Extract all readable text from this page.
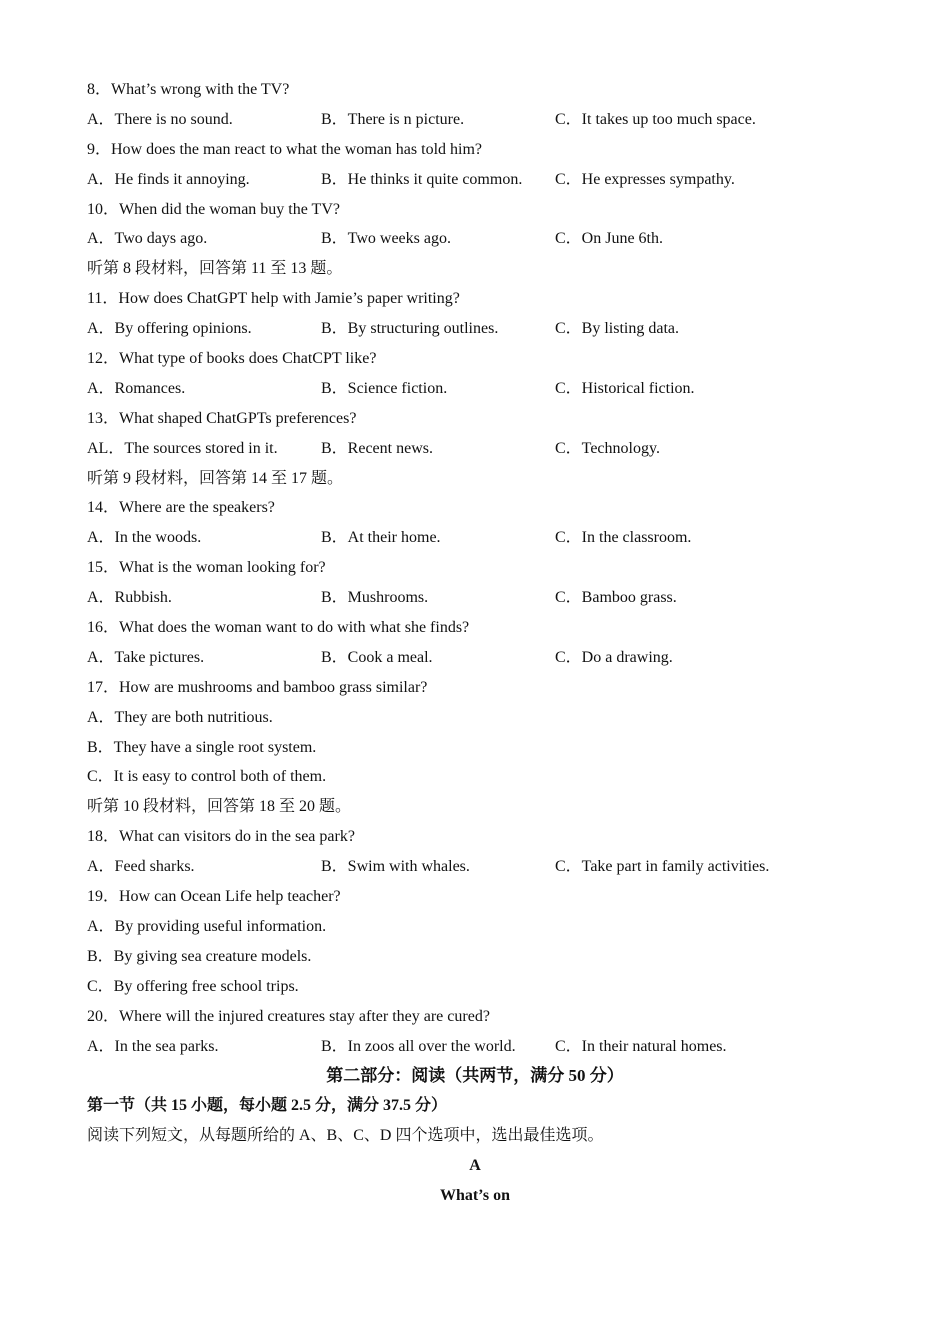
8．What’s wrong with the TV?
A．There is no sound.	B．There is n picture.	C．It takes up too much space.
9．How does the man react to what the woman has told him?
A．He finds it annoying.	B．He thinks it quite common. C．He expresses sympathy.
10．When did the woman buy the TV?
A．Two days ago.	B．Two weeks ago.	C．On June 6th.
听第 8 段材料，回答第 11 至 13 题。
11．How does ChatGPT help with Jamie’s paper writing?
A．By offering opinions.	B．By structuring outlines.	C．By listing data.
12．What type of books does ChatCPT like?
A．Romances.	B．Science fiction.	C．Historical fiction.
13．What shaped ChatGPTs preferences?
AL．The sources stored in it.	B．Recent news.	C．Technology.
听第 9 段材料，回答第 14 至 17 题。
14．Where are the speakers?
A．In the woods.	B．At their home.	C．In the classroom.
15．What is the woman looking for?
A．Rubbish.	B．Mushrooms.	C．Bamboo grass.
16．What does the woman want to do with what she finds?
A．Take pictures.	B．Cook a meal.	C．Do a drawing.
17．How are mushrooms and bamboo grass similar?
A．They are both nutritious.
B．They have a single root system.
C．It is easy to control both of them.
听第 10 段材料，回答第 18 至 20 题。
18．What can visitors do in the sea park?
A．Feed sharks.	B．Swim with whales.	C．Take part in family activities.
19．How can Ocean Life help teacher?
A．By providing useful information.
B．By giving sea creature models.
C．By offering free school trips.
20．Where will the injured creatures stay after they are cured?
A．In the sea parks.	B．In zoos all over the world. C．In their natural homes.
第二部分：阅读（共两节，满分 50 分）
第一节（共 15 小题，每小题 2.5 分，满分 37.5 分）
阅读下列短文，从每题所给的 A、B、C、D 四个选项中，选出最佳选项。
A
What’s on
